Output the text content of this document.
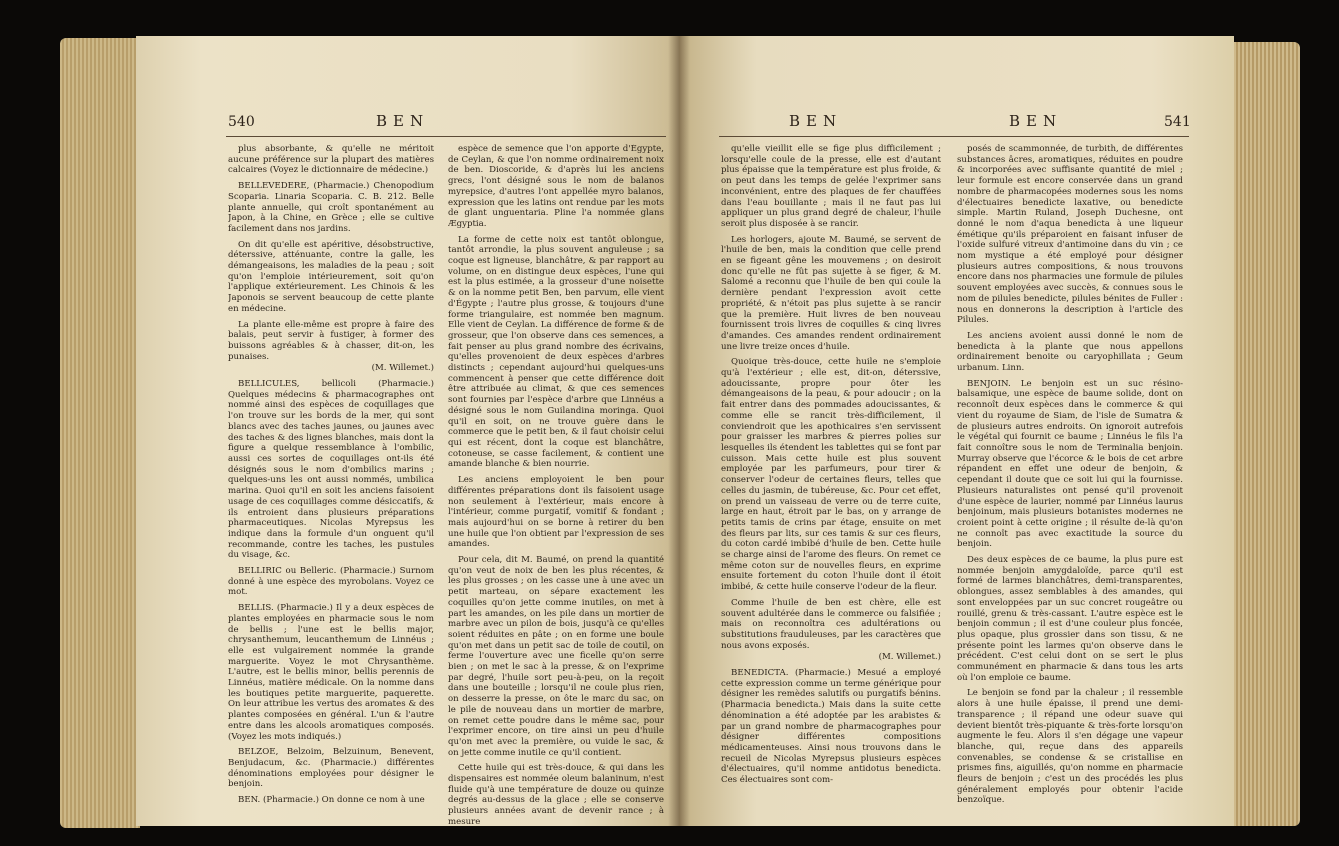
540	BEN

plus absorbante, & qu'elle ne méritoit aucune préférence sur la plupart des matières calcaires (Voyez le dictionnaire de médecine.)

BELLEVEDERE, (Pharmacie.) Chenopodium Scoparia. Linaria Scoparia. C. B. 212. Belle plante annuelle, qui croît spontanément au Japon, à la Chine, en Grèce ; elle se cultive facilement dans nos jardins.

On dit qu'elle est apéritive, désobstructive, déterssive, atténuante, contre la galle, les démangeaisons, les maladies de la peau ; soit qu'on l'emploie intérieurement, soit qu'on l'applique extérieurement. Les Chinois & les Japonois se servent beaucoup de cette plante en médecine.

La plante elle-même est propre à faire des balais, peut servir à fustiger, à former des buissons agréables & à chasser, dit-on, les punaises.

(M. Willemet.)

BELLICULES, bellicoli (Pharmacie.) Quelques médecins & pharmacographes ont nommé ainsi des espèces de coquillages que l'on trouve sur les bords de la mer, qui sont blancs avec des taches jaunes, ou jaunes avec des taches & des lignes blanches, mais dont la figure a quelque ressemblance à l'ombilic, aussi ces sortes de coquillages ont-ils été désignés sous le nom d'ombilics marins ; quelques-uns les ont aussi nommés, umbilica marina. Quoi qu'il en soit les anciens faisoient usage de ces coquillages comme désiccatifs, & ils entroient dans plusieurs préparations pharmaceutiques. Nicolas Myrepsus les indique dans la formule d'un onguent qu'il recommande, contre les taches, les pustules du visage, &c.

BELLIRIC ou Belleric. (Pharmacie.) Surnom donné à une espèce des myrobolans. Voyez ce mot.

BELLIS. (Pharmacie.) Il y a deux espèces de plantes employées en pharmacie sous le nom de bellis ; l'une est le bellis major, chrysanthemum, leucanthemum de Linnéus ; elle est vulgairement nommée la grande marguerite. Voyez le mot Chrysanthème. L'autre, est le bellis minor, bellis perennis de Linnéus, matière médicale. On la nomme dans les boutiques petite marguerite, paquerette. On leur attribue les vertus des aromates & des plantes composées en général. L'un & l'autre entre dans les alcools aromatiques composés. (Voyez les mots indiqués.)

BELZOE, Belzoim, Belzuinum, Benevent, Benjudacum, &c. (Pharmacie.) différentes dénominations employées pour désigner le benjoin.

BEN. (Pharmacie.) On donne ce nom à une

espèce de semence que l'on apporte d'Égypte, de Ceylan, & que l'on nomme ordinairement noix de ben. Dioscoride, & d'après lui les anciens grecs, l'ont désigné sous le nom de balanos myrepsice, d'autres l'ont appellée myro balanos, expression que les latins ont rendue par les mots de glant unguentaria. Pline l'a nommée glans Ægyptia.

La forme de cette noix est tantôt oblongue, tantôt arrondie, la plus souvent anguleuse ; sa coque est ligneuse, blanchâtre, & par rapport au volume, on en distingue deux espèces, l'une qui est la plus estimée, a la grosseur d'une noisette & on la nomme petit Ben, ben parvum, elle vient d'Égypte ; l'autre plus grosse, & toujours d'une forme triangulaire, est nommée ben magnum. Elle vient de Ceylan. La différence de forme & de grosseur, que l'on observe dans ces semences, a fait penser au plus grand nombre des écrivains, qu'elles provenoient de deux espèces d'arbres distincts ; cependant aujourd'hui quelques-uns commencent à penser que cette différence doit être attribuée au climat, & que ces semences sont fournies par l'espèce d'arbre que Linnéus a désigné sous le nom Guilandina moringa. Quoi qu'il en soit, on ne trouve guère dans le commerce que le petit ben, & il faut choisir celui qui est récent, dont la coque est blanchâtre, cotoneuse, se casse facilement, & contient une amande blanche & bien nourrie.

Les anciens employoient le ben pour différentes préparations dont ils faisoient usage non seulement à l'extérieur, mais encore à l'intérieur, comme purgatif, vomitif & fondant ; mais aujourd'hui on se borne à retirer du ben une huile que l'on obtient par l'expression de ses amandes.

Pour cela, dit M. Baumé, on prend la quantité qu'on veut de noix de ben les plus récentes, & les plus grosses ; on les casse une à une avec un petit marteau, on sépare exactement les coquilles qu'on jette comme inutiles, on met à part les amandes, on les pile dans un mortier de marbre avec un pilon de bois, jusqu'à ce qu'elles soient réduites en pâte ; on en forme une boule qu'on met dans un petit sac de toile de coutil, on ferme l'ouverture avec une ficelle qu'on serre bien ; on met le sac à la presse, & on l'exprime par degré, l'huile sort peu-à-peu, on la reçoit dans une bouteille ; lorsqu'il ne coule plus rien, on desserre la presse, on ôte le marc du sac, on le pile de nouveau dans un mortier de marbre, on remet cette poudre dans le même sac, pour l'exprimer encore, on tire ainsi un peu d'huile qu'on met avec la première, ou vuide le sac, & on jette comme inutile ce qu'il contient.

Cette huile qui est très-douce, & qui dans les dispensaires est nommée oleum balaninum, n'est fluide qu'à une température de douze ou quinze degrés au-dessus de la glace ; elle se conserve plusieurs années avant de devenir rance ; à mesure

BEN	BEN	541

qu'elle vieillit elle se fige plus difficilement ; lorsqu'elle coule de la presse, elle est d'autant plus épaisse que la température est plus froide, & on peut dans les temps de gelée l'exprimer sans inconvénient, entre des plaques de fer chauffées dans l'eau bouillante ; mais il ne faut pas lui appliquer un plus grand degré de chaleur, l'huile seroit plus disposée à se rancir.

Les horlogers, ajoute M. Baumé, se servent de l'huile de ben, mais la condition que celle prend en se figeant gêne les mouvemens ; on desiroit donc qu'elle ne fût pas sujette à se figer, & M. Salomé a reconnu que l'huile de ben qui coule la dernière pendant l'expression avoit cette propriété, & n'étoit pas plus sujette à se rancir que la première. Huit livres de ben nouveau fournissent trois livres de coquilles & cinq livres d'amandes. Ces amandes rendent ordinairement une livre treize onces d'huile.

Quoique très-douce, cette huile ne s'emploie qu'à l'extérieur ; elle est, dit-on, déterssive, adoucissante, propre pour ôter les démangeaisons de la peau, & pour adoucir ; on la fait entrer dans des pommades adoucissantes, & comme elle se rancit très-difficilement, il conviendroit que les apothicaires s'en servissent pour graisser les marbres & pierres polies sur lesquelles ils étendent les tablettes qui se font par cuisson. Mais cette huile est plus souvent employée par les parfumeurs, pour tirer & conserver l'odeur de certaines fleurs, telles que celles du jasmin, de tubéreuse, &c. Pour cet effet, on prend un vaisseau de verre ou de terre cuite, large en haut, étroit par le bas, on y arrange de petits tamis de crins par étage, ensuite on met des fleurs par lits, sur ces tamis & sur ces fleurs, du coton cardé imbibé d'huile de ben. Cette huile se charge ainsi de l'arome des fleurs. On remet ce même coton sur de nouvelles fleurs, en exprime ensuite fortement du coton l'huile dont il étoit imbibé, & cette huile conserve l'odeur de la fleur.

Comme l'huile de ben est chère, elle est souvent adultérée dans le commerce ou falsifiée ; mais on reconnoîtra ces adultérations ou substitutions frauduleuses, par les caractères que nous avons exposés.

(M. Willemet.)

BENEDICTA. (Pharmacie.) Mesué a employé cette expression comme un terme générique pour désigner les remèdes salutifs ou purgatifs bénins. (Pharmacia benedicta.) Mais dans la suite cette dénomination a été adoptée par les arabistes & par un grand nombre de pharmacographes pour désigner différentes compositions médicamenteuses. Ainsi nous trouvons dans le recueil de Nicolas Myrepsus plusieurs espèces d'électuaires, qu'il nomme antidotus benedicta. Ces électuaires sont com-

posés de scammonnée, de turbith, de différentes substances âcres, aromatiques, réduites en poudre & incorporées avec suffisante quantité de miel ; leur formule est encore conservée dans un grand nombre de pharmacopées modernes sous les noms d'électuaires benedicte laxative, ou benedicte simple. Martin Ruland, Joseph Duchesne, ont donné le nom d'aqua benedicta à une liqueur émétique qu'ils préparoient en faisant infuser de l'oxide sulfuré vitreux d'antimoine dans du vin ; ce nom mystique a été employé pour désigner plusieurs autres compositions, & nous trouvons encore dans nos pharmacies une formule de pilules souvent employées avec succès, & connues sous le nom de pilules benedicte, pilules bénites de Fuller : nous en donnerons la description à l'article des Pilules.

Les anciens avoient aussi donné le nom de benedicta à la plante que nous appellons ordinairement benoite ou caryophillata ; Geum urbanum. Linn.

BENJOIN. Le benjoin est un suc résino-balsamique, une espèce de baume solide, dont on reconnoît deux espèces dans le commerce & qui vient du royaume de Siam, de l'isle de Sumatra & de plusieurs autres endroits. On ignoroit autrefois le végétal qui fournit ce baume ; Linnéus le fils l'a fait connoître sous le nom de Terminalia benjoin. Murray observe que l'écorce & le bois de cet arbre répandent en effet une odeur de benjoin, & cependant il doute que ce soit lui qui la fournisse. Plusieurs naturalistes ont pensé qu'il provenoit d'une espèce de laurier, nommé par Linnéus laurus benjoinum, mais plusieurs botanistes modernes ne croient point à cette origine ; il résulte de-là qu'on ne connoît pas avec exactitude la source du benjoin.

Des deux espèces de ce baume, la plus pure est nommée benjoin amygdaloïde, parce qu'il est formé de larmes blanchâtres, demi-transparentes, oblongues, assez semblables à des amandes, qui sont enveloppées par un suc concret rougeâtre ou rouillé, grenu & très-cassant. L'autre espèce est le benjoin commun ; il est d'une couleur plus foncée, plus opaque, plus grossier dans son tissu, & ne présente point les larmes qu'on observe dans le précédent. C'est celui dont on se sert le plus communément en pharmacie & dans tous les arts où l'on emploie ce baume.

Le benjoin se fond par la chaleur ; il ressemble alors à une huile épaisse, il prend une demi-transparence ; il répand une odeur suave qui devient bientôt très-piquante & très-forte lorsqu'on augmente le feu. Alors il s'en dégage une vapeur blanche, qui, reçue dans des appareils convenables, se condense & se cristallise en prismes fins, aiguillés, qu'on nomme en pharmacie fleurs de benjoin ; c'est un des procédés les plus généralement employés pour obtenir l'acide benzoïque.
